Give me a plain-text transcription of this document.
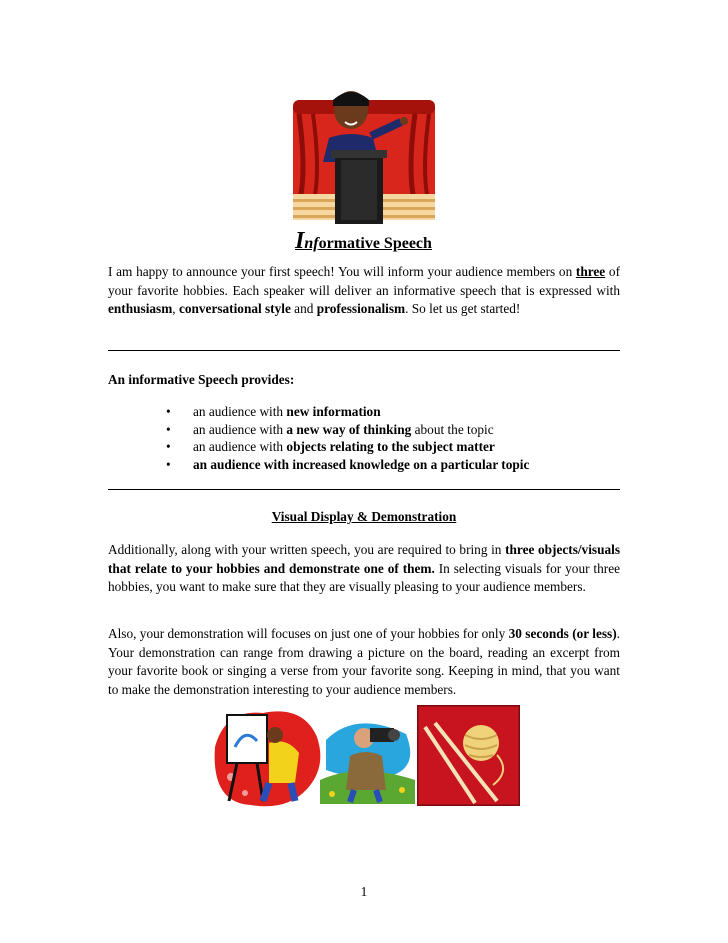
Informative Speech
I am happy to announce your first speech! You will inform your audience members on three of your favorite hobbies. Each speaker will deliver an informative speech that is expressed with enthusiasm, conversational style and professionalism. So let us get started!
An informative Speech provides:
• an audience with new information
• an audience with a new way of thinking about the topic
• an audience with objects relating to the subject matter
• an audience with increased knowledge on a particular topic
Visual Display & Demonstration
Additionally, along with your written speech, you are required to bring in three objects/visuals that relate to your hobbies and demonstrate one of them. In selecting visuals for your three hobbies, you want to make sure that they are visually pleasing to your audience members.
Also, your demonstration will focuses on just one of your hobbies for only 30 seconds (or less). Your demonstration can range from drawing a picture on the board, reading an excerpt from your favorite book or singing a verse from your favorite song. Keeping in mind, that you want to make the demonstration interesting to your audience members.
1
